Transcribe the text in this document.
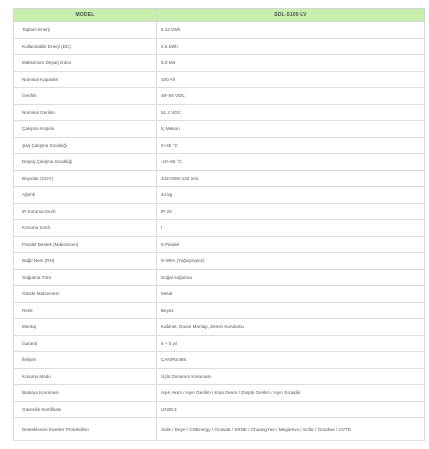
MODEL	SDL-5100 LV
Toplam Enerji	5.12 kWh
Kullanılabilir Enerji (DC)	4.6 kWh
Maksimum Deşarj Gücü	5.0 kW
Nominal Kapasite	100 Ah
Gerilim	48–56 VDC
Nominal Gerilim	51.2 VDC
Çalışma Koşulu	İç Mekan
Şarj Çalışma Sıcaklığı	0~45 °C
Deşarj Çalışma Sıcaklığı	-10~55 °C
Boyutlar (GDY)	442×500×133 mm
Ağırlık	44 kg
IP Koruma Sınıfı	IP 20
Koruma Sınıfı	I
Paralel Destek (Maksimum)	8 Paralel
Bağıl Nem (RH)	0–95% (Yoğuşmasız)
Soğutma Türü	Doğal soğutma
Gövde Malzemesi	Metal
Renk	Beyaz
Montaj	Kabinet, Duvar Montajı, Zemin Kurulumu
Garanti	5 + 5 yıl
İletişim	CAN/RS485
Koruma Modu	Üçlü Donanım Koruması
Batarya Koruması	Aşırı Akım / Aşırı Gerilim / Kısa Devre / Düşük Gerilim / Aşırı Sıcaklık
Güvenlik Sertifikası	UN38.3
Desteklenen İnverter Protokolleri	Solis / Deye / CNEnergy / Growatt / SRNE / ChuangYue / Megarevo / Sofar / Goodwe / CVTE
